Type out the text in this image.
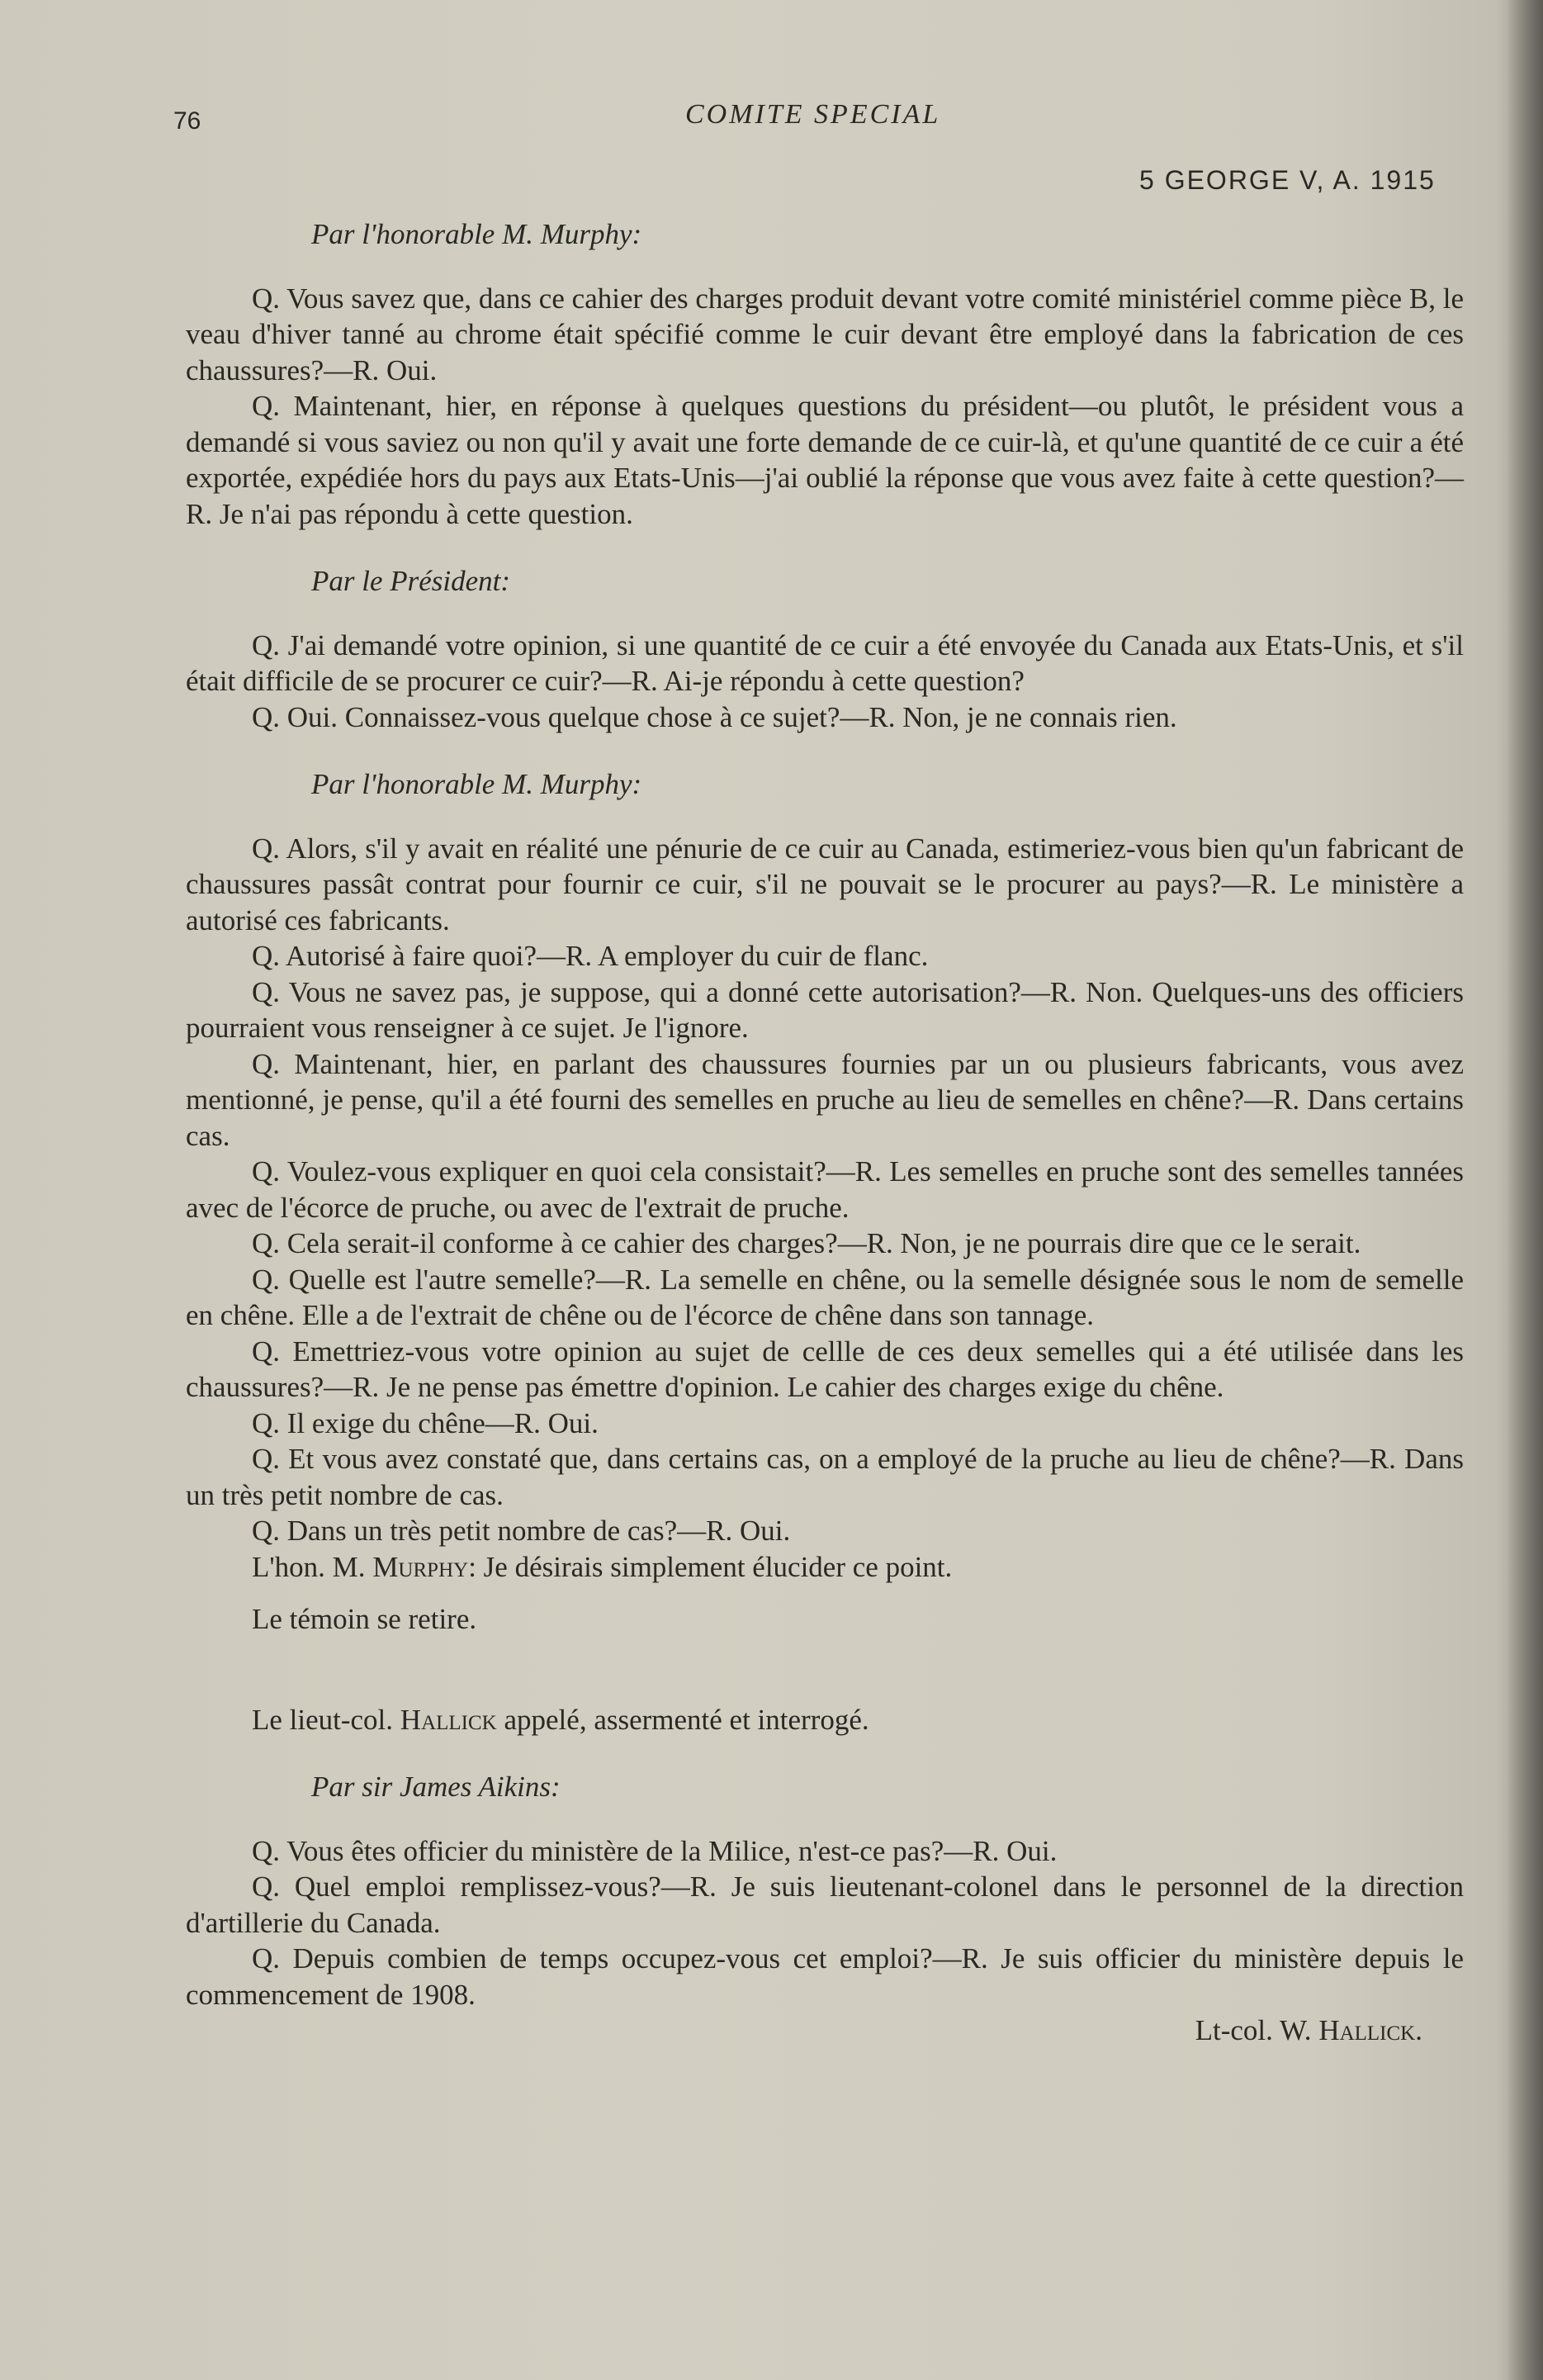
76	COMITE SPECIAL
5 GEORGE V, A. 1915
Par l'honorable M. Murphy:

Q. Vous savez que, dans ce cahier des charges produit devant votre comité ministériel comme pièce B, le veau d'hiver tanné au chrome était spécifié comme le cuir devant être employé dans la fabrication de ces chaussures?—R. Oui.

Q. Maintenant, hier, en réponse à quelques questions du président—ou plutôt, le président vous a demandé si vous saviez ou non qu'il y avait une forte demande de ce cuir-là, et qu'une quantité de ce cuir a été exportée, expédiée hors du pays aux Etats-Unis—j'ai oublié la réponse que vous avez faite à cette question?—R. Je n'ai pas répondu à cette question.

Par le Président:

Q. J'ai demandé votre opinion, si une quantité de ce cuir a été envoyée du Canada aux Etats-Unis, et s'il était difficile de se procurer ce cuir?—R. Ai-je répondu à cette question?

Q. Oui. Connaissez-vous quelque chose à ce sujet?—R. Non, je ne connais rien.

Par l'honorable M. Murphy:

Q. Alors, s'il y avait en réalité une pénurie de ce cuir au Canada, estimeriez-vous bien qu'un fabricant de chaussures passât contrat pour fournir ce cuir, s'il ne pouvait se le procurer au pays?—R. Le ministère a autorisé ces fabricants.

Q. Autorisé à faire quoi?—R. A employer du cuir de flanc.

Q. Vous ne savez pas, je suppose, qui a donné cette autorisation?—R. Non. Quelques-uns des officiers pourraient vous renseigner à ce sujet. Je l'ignore.

Q. Maintenant, hier, en parlant des chaussures fournies par un ou plusieurs fabricants, vous avez mentionné, je pense, qu'il a été fourni des semelles en pruche au lieu de semelles en chêne?—R. Dans certains cas.

Q. Voulez-vous expliquer en quoi cela consistait?—R. Les semelles en pruche sont des semelles tannées avec de l'écorce de pruche, ou avec de l'extrait de pruche.

Q. Cela serait-il conforme à ce cahier des charges?—R. Non, je ne pourrais dire que ce le serait.

Q. Quelle est l'autre semelle?—R. La semelle en chêne, ou la semelle désignée sous le nom de semelle en chêne. Elle a de l'extrait de chêne ou de l'écorce de chêne dans son tannage.

Q. Emettriez-vous votre opinion au sujet de cellle de ces deux semelles qui a été utilisée dans les chaussures?—R. Je ne pense pas émettre d'opinion. Le cahier des charges exige du chêne.

Q. Il exige du chêne—R. Oui.

Q. Et vous avez constaté que, dans certains cas, on a employé de la pruche au lieu de chêne?—R. Dans un très petit nombre de cas.

Q. Dans un très petit nombre de cas?—R. Oui.

L'hon. M. Murphy: Je désirais simplement élucider ce point.

Le témoin se retire.

Le lieut-col. Hallick appelé, assermenté et interrogé.

Par sir James Aikins:

Q. Vous êtes officier du ministère de la Milice, n'est-ce pas?—R. Oui.

Q. Quel emploi remplissez-vous?—R. Je suis lieutenant-colonel dans le personnel de la direction d'artillerie du Canada.

Q. Depuis combien de temps occupez-vous cet emploi?—R. Je suis officier du ministère depuis le commencement de 1908.

Lt-col. W. Hallick.
